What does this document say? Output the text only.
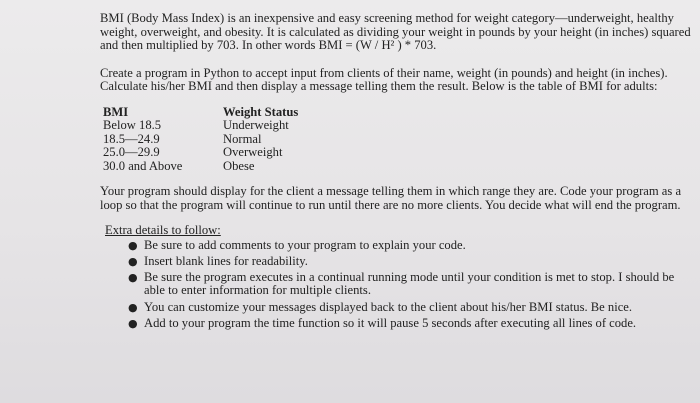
BMI (Body Mass Index) is an inexpensive and easy screening method for weight category—underweight, healthy weight, overweight, and obesity. It is calculated as dividing your weight in pounds by your height (in inches) squared and then multiplied by 703. In other words BMI = (W / H² ) * 703.

Create a program in Python to accept input from clients of their name, weight (in pounds) and height (in inches). Calculate his/her BMI and then display a message telling them the result. Below is the table of BMI for adults:

BMI	Weight Status
Below 18.5	Underweight
18.5—24.9	Normal
25.0—29.9	Overweight
30.0 and Above	Obese

Your program should display for the client a message telling them in which range they are. Code your program as a loop so that the program will continue to run until there are no more clients. You decide what will end the program.

Extra details to follow:

● Be sure to add comments to your program to explain your code.
● Insert blank lines for readability.
● Be sure the program executes in a continual running mode until your condition is met to stop. I should be able to enter information for multiple clients.
● You can customize your messages displayed back to the client about his/her BMI status. Be nice.
● Add to your program the time function so it will pause 5 seconds after executing all lines of code.
